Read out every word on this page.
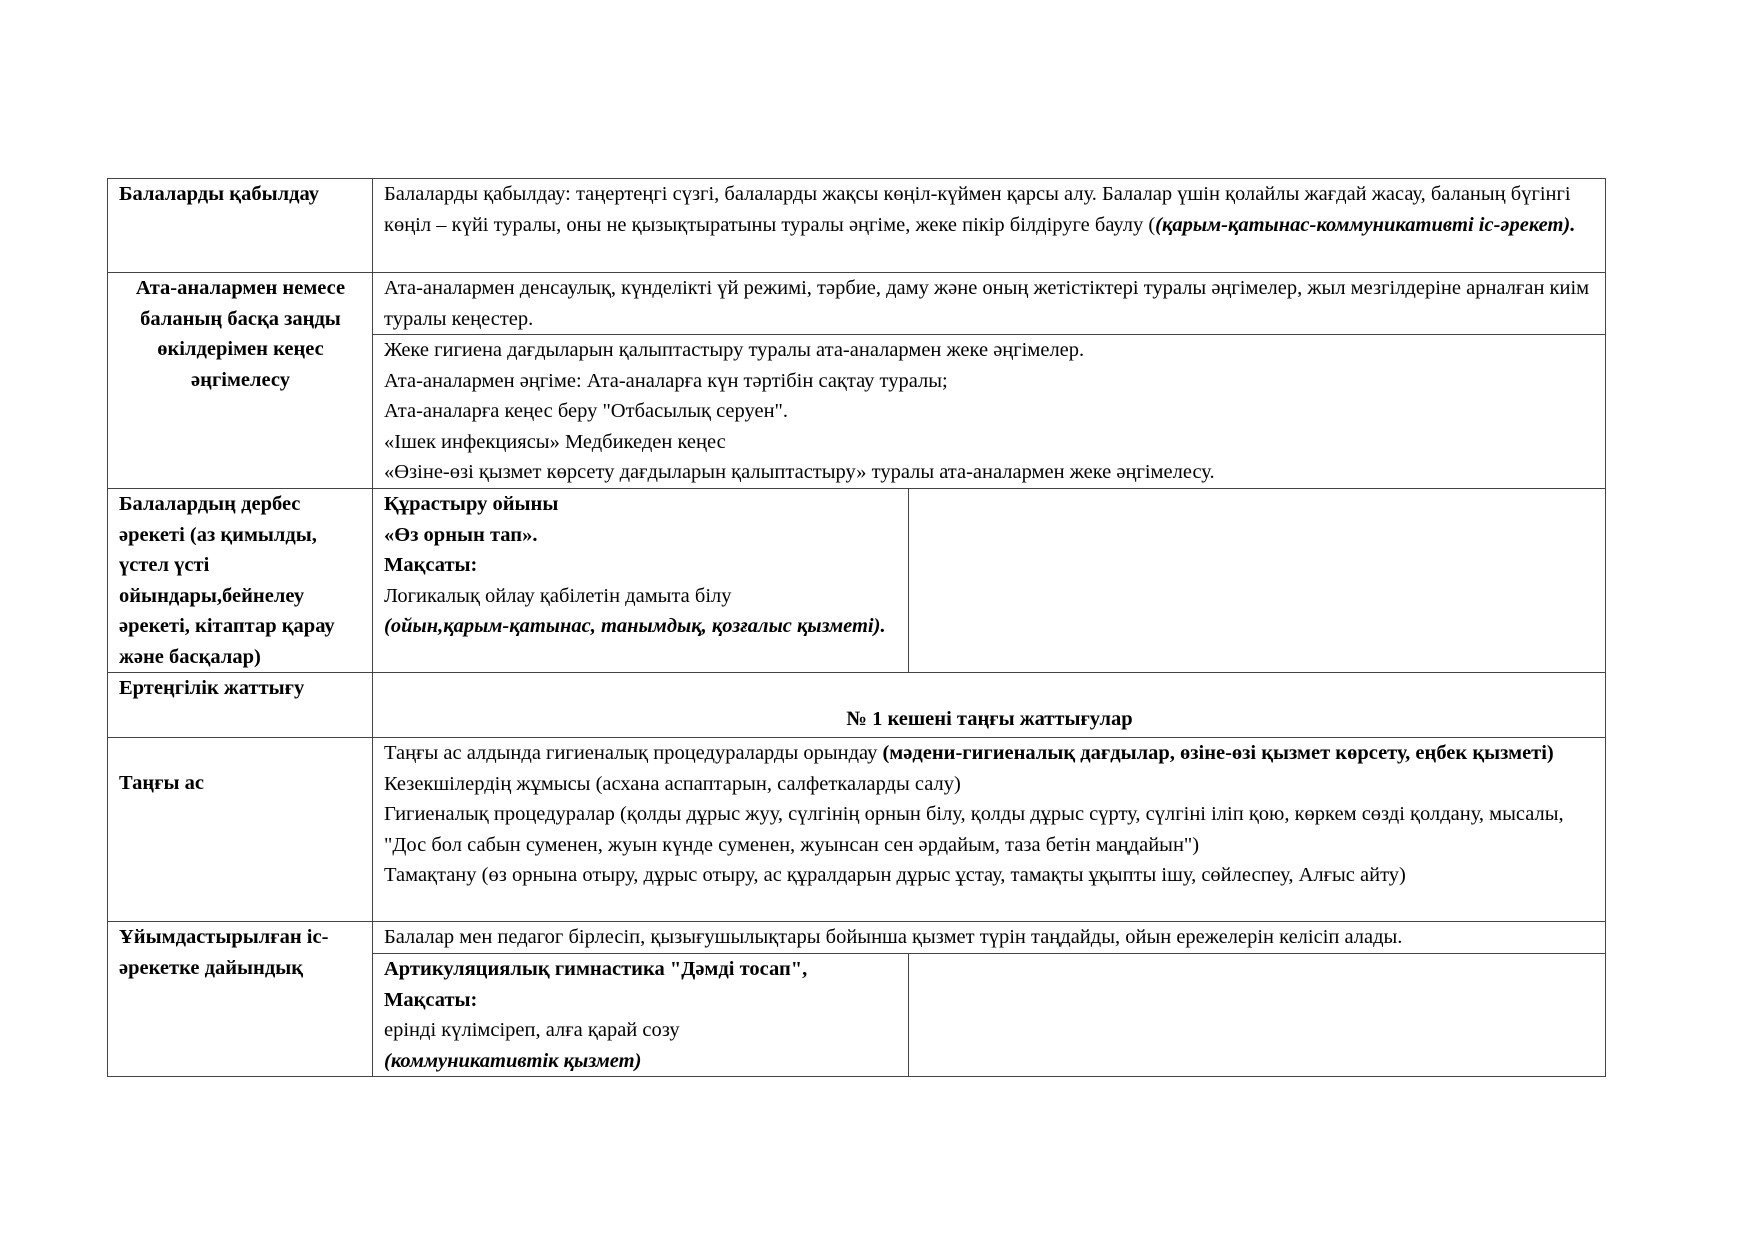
Балаларды қабылдау	Балаларды қабылдау: таңертеңгі сүзгі, балаларды жақсы көңіл-күймен қарсы алу. Балалар үшін қолайлы жағдай жасау, баланың бүгінгі көңіл – күйі туралы, оны не қызықтыратыны туралы әңгіме, жеке пікір білдіруге баулу ((қарым-қатынас-коммуникативті іс-әрекет).	
Ата-аналармен немесе баланың басқа заңды өкілдерімен кеңес әңгімелесу	Ата-аналармен денсаулық, күнделікті үй режимі, тәрбие, даму және оның жетістіктері туралы әңгімелер, жыл мезгілдеріне арналған киім туралы кеңестер.	

	Жеке гигиена дағдыларын қалыптастыру туралы ата-аналармен жеке әңгімелер.
Ата-аналармен әңгіме: Ата-аналарға күн тәртібін сақтау туралы;
Ата-аналарға кеңес беру "Отбасылық серуен".
«Ішек инфекциясы» Медбикеден кеңес
«Өзіне-өзі қызмет көрсету дағдыларын қалыптастыру» туралы ата-аналармен жеке әңгімелесу.	

Балалардың дербес әрекеті (аз қимылды, үстел үсті ойындары,бейнелеу әрекеті, кітаптар қарау және басқалар)	Құрастыру ойыны
«Өз орнын тап».
Мақсаты:
Логикалық ойлау қабілетін дамыта білу
(ойын,қарым-қатынас, танымдық, қозғалыс қызметі).	

Ертеңгілік жаттығу	№ 1 кешені таңғы жаттығулар	

Таңғы ас	Таңғы ас алдында гигиеналық процедураларды орындау (мәдени-гигиеналық дағдылар, өзіне-өзі қызмет көрсету, еңбек қызметі)
Кезекшілердің жұмысы (асхана аспаптарын, салфеткаларды салу)
Гигиеналық процедуралар (қолды дұрыс жуу, сүлгінің орнын білу, қолды дұрыс сүрту, сүлгіні іліп қою, көркем сөзді қолдану, мысалы, "Дос бол сабын суменен, жуын күнде суменен, жуынсан сен әрдайым, таза бетін маңдайын")
Тамақтану (өз орнына отыру, дұрыс отыру, ас құралдарын дұрыс ұстау, тамақты ұқыпты ішу, сөйлеспеу, Алғыс айту)	

Ұйымдастырылған іс-әрекетке дайындық	Балалар мен педагог бірлесіп, қызығушылықтары бойынша қызмет түрін таңдайды, ойын ережелерін келісіп алады.	

	Артикуляциялық гимнастика "Дәмді тосап",
Мақсаты:
ерінді күлімсіреп, алға қарай созу
(коммуникативтік қызмет)	
